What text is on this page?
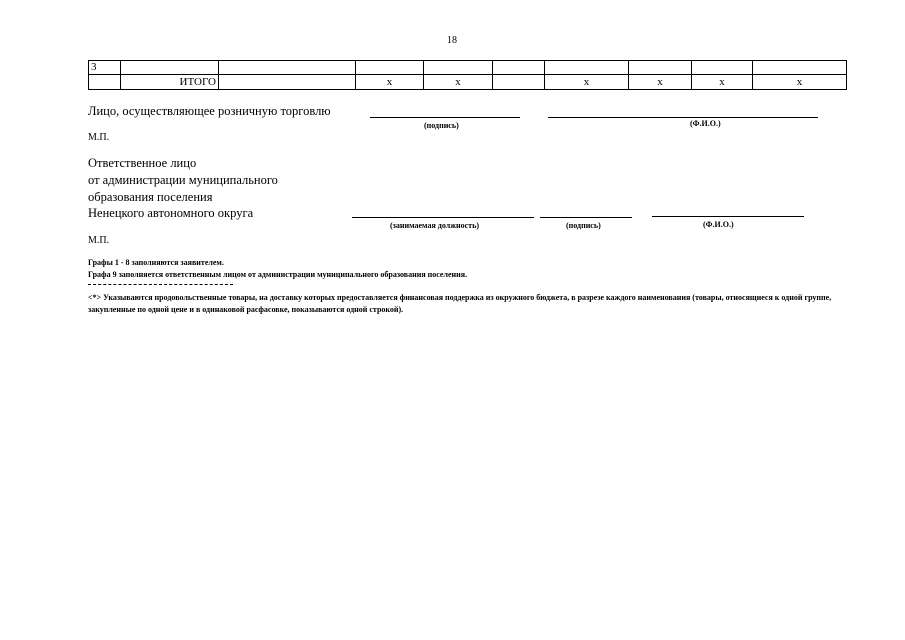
18
3									
	ИТОГО		х	х		х	х	х	х
Лицо, осуществляющее розничную торговлю
(подпись)	(Ф.И.О.)
М.П.
Ответственное лицо
от администрации муниципального
образования поселения
Ненецкого автономного округа
(занимаемая должность)	(подпись)	(Ф.И.О.)
М.П.
Графы 1 - 8 заполняются заявителем.
Графа 9 заполняется ответственным лицом от администрации муниципального образования поселения.
<*> Указываются продовольственные товары, на доставку которых предоставляется финансовая поддержка из окружного бюджета, в разрезе каждого наименования (товары, относящиеся к одной группе, закупленные по одной цене и в одинаковой расфасовке, показываются одной строкой).
